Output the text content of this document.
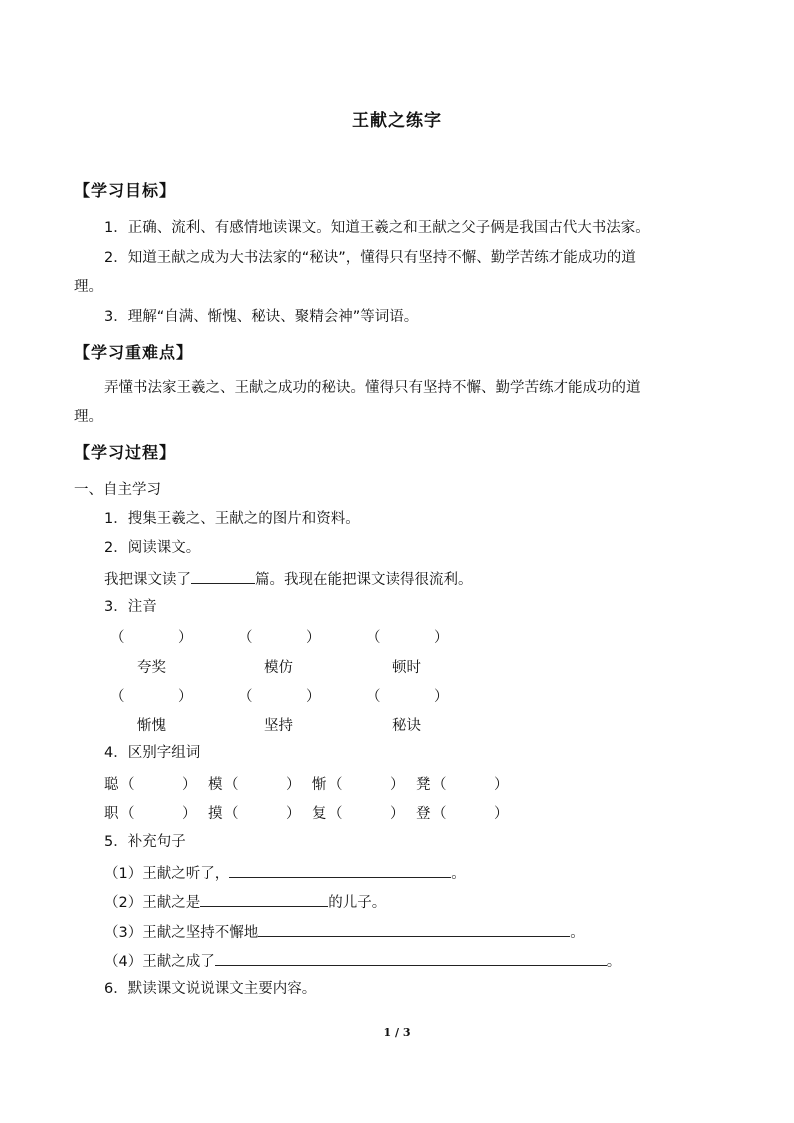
王献之练字
【学习目标】
1．正确、流利、有感情地读课文。知道王羲之和王献之父子俩是我国古代大书法家。
2．知道王献之成为大书法家的“秘诀”，懂得只有坚持不懈、勤学苦练才能成功的道
理。
3．理解“自满、惭愧、秘诀、聚精会神”等词语。
【学习重难点】
弄懂书法家王羲之、王献之成功的秘诀。懂得只有坚持不懈、勤学苦练才能成功的道
理。
【学习过程】
一、自主学习
1．搜集王羲之、王献之的图片和资料。
2．阅读课文。
我把课文读了	篇。我现在能把课文读得很流利。
3．注音
（	）	（	）	（	）
夸奖	模仿	顿时
（	）	（	）	（	）
惭愧	坚持	秘诀
4．区别字组词
聪 （	） 模 （	） 惭 （	） 凳 （	）
职 （	） 摸 （	） 复 （	） 登 （	）
5．补充句子
（1）王献之听了，	。
（2）王献之是	的儿子。
（3）王献之坚持不懈地	。
（4）王献之成了	。
6．默读课文说说课文主要内容。
1 / 3
